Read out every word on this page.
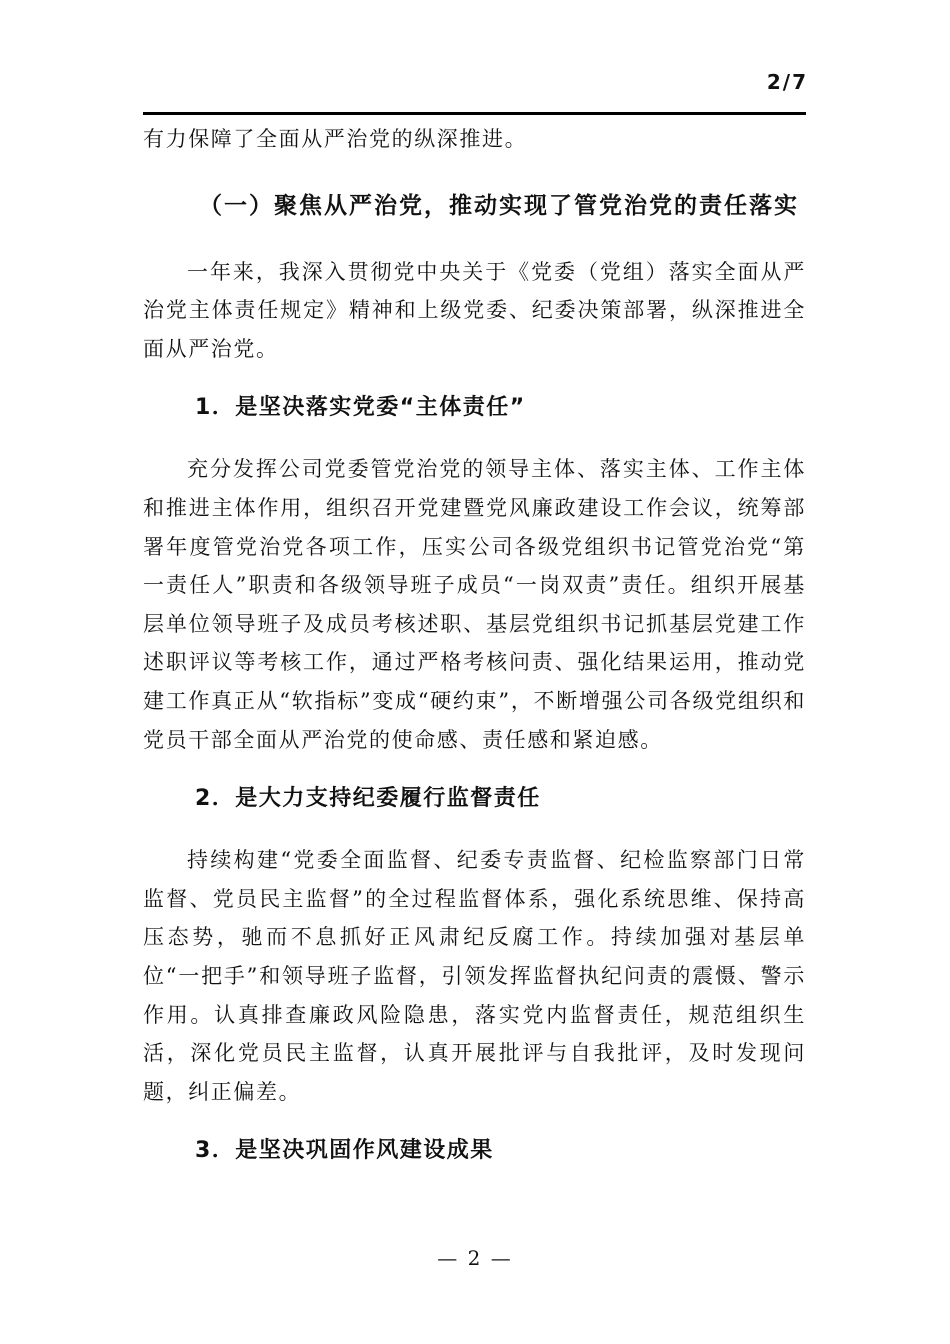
2/7

有力保障了全面从严治党的纵深推进。

（一）聚焦从严治党，推动实现了管党治党的责任落实

一年来，我深入贯彻党中央关于《党委（党组）落实全面从严治党主体责任规定》精神和上级党委、纪委决策部署，纵深推进全面从严治党。

1．是坚决落实党委“主体责任”

充分发挥公司党委管党治党的领导主体、落实主体、工作主体和推进主体作用，组织召开党建暨党风廉政建设工作会议，统筹部署年度管党治党各项工作，压实公司各级党组织书记管党治党“第一责任人”职责和各级领导班子成员“一岗双责”责任。组织开展基层单位领导班子及成员考核述职、基层党组织书记抓基层党建工作述职评议等考核工作，通过严格考核问责、强化结果运用，推动党建工作真正从“软指标”变成“硬约束”，不断增强公司各级党组织和党员干部全面从严治党的使命感、责任感和紧迫感。

2．是大力支持纪委履行监督责任

持续构建“党委全面监督、纪委专责监督、纪检监察部门日常监督、党员民主监督”的全过程监督体系，强化系统思维、保持高压态势，驰而不息抓好正风肃纪反腐工作。持续加强对基层单位“一把手”和领导班子监督，引领发挥监督执纪问责的震慑、警示作用。认真排查廉政风险隐患，落实党内监督责任，规范组织生活，深化党员民主监督，认真开展批评与自我批评，及时发现问题，纠正偏差。

3．是坚决巩固作风建设成果
— 2 —
